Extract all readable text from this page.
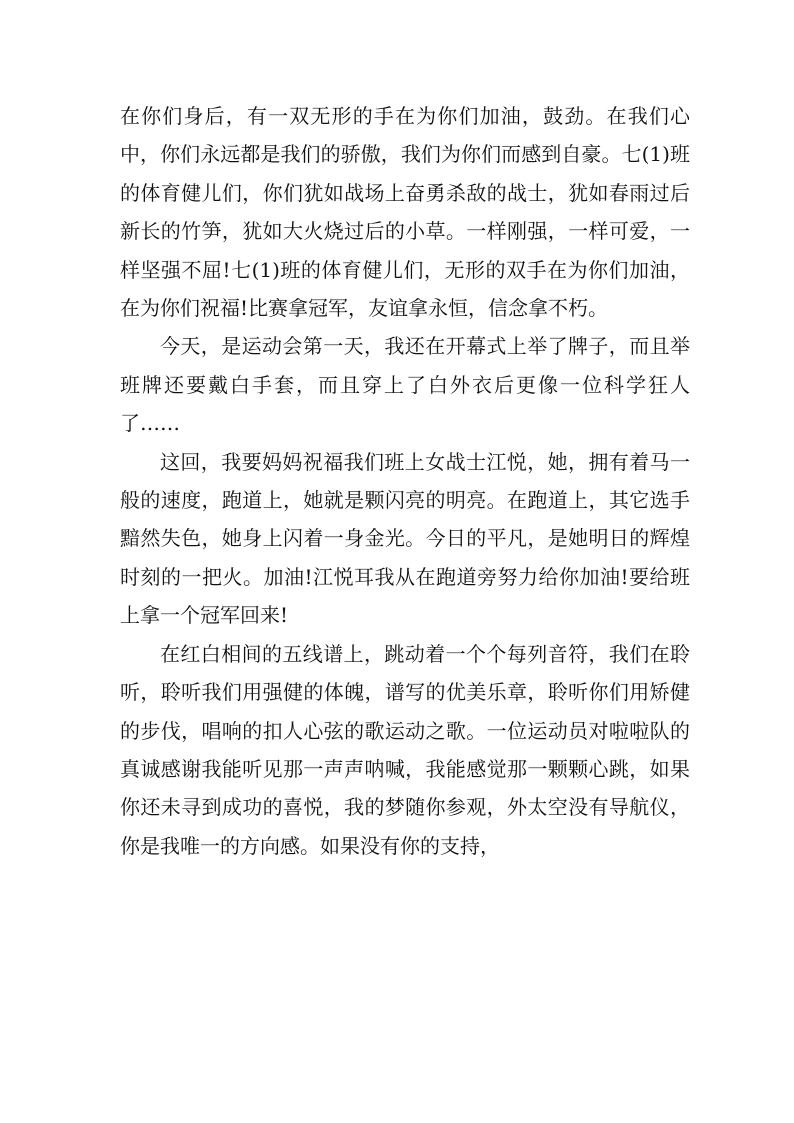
在你们身后，有一双无形的手在为你们加油，鼓劲。在我们心中，你们永远都是我们的骄傲，我们为你们而感到自豪。七(1)班的体育健儿们，你们犹如战场上奋勇杀敌的战士，犹如春雨过后新长的竹笋，犹如大火烧过后的小草。一样刚强，一样可爱，一样坚强不屈!七(1)班的体育健儿们，无形的双手在为你们加油，在为你们祝福!比赛拿冠军，友谊拿永恒，信念拿不朽。

今天，是运动会第一天，我还在开幕式上举了牌子，而且举班牌还要戴白手套，而且穿上了白外衣后更像一位科学狂人了……

这回，我要妈妈祝福我们班上女战士江悦，她，拥有着马一般的速度，跑道上，她就是颗闪亮的明亮。在跑道上，其它选手黯然失色，她身上闪着一身金光。今日的平凡，是她明日的辉煌时刻的一把火。加油!江悦耳我从在跑道旁努力给你加油!要给班上拿一个冠军回来!

在红白相间的五线谱上，跳动着一个个每列音符，我们在聆听，聆听我们用强健的体魄，谱写的优美乐章，聆听你们用矫健的步伐，唱响的扣人心弦的歌运动之歌。一位运动员对啦啦队的真诚感谢我能听见那一声声呐喊，我能感觉那一颗颗心跳，如果你还未寻到成功的喜悦，我的梦随你参观，外太空没有导航仪，你是我唯一的方向感。如果没有你的支持，
